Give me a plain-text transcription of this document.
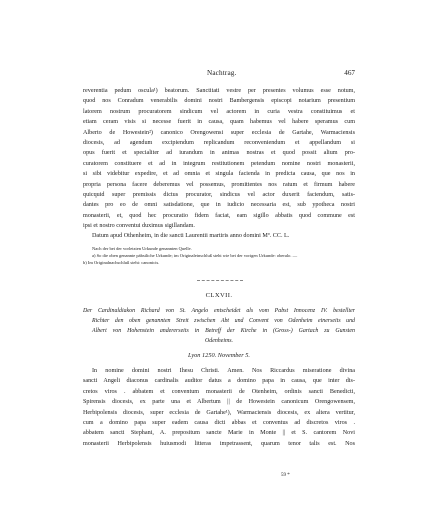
Nachtrag.	467
reverentia pedum oscula¹) beatorum. Sanctitati vestre per presentes volumus esse notum,
quod nos Conradum venerabilis domini nostri Bambergensis episcopi notarium presentium
latorem nostrum procuratorem sindicum vel actorem in curia vestra constituimus et
etiam ceram visis si necesse fuerit in causa, quam habemus vel habere speramus cum
Alberto de Howestein²) canonico Orengowensi super ecclesia de Gartahe, Warmaciensis
diocesis, ad agendum excipiendum replicandum reconveniendum et appellandum si
opus fuerit et specialiter ad iurandum in animas nostras et quod possit alium pro-
curatorem constituere et ad in integrum restitutionem petendum nomine nostri monasterii,
si sibi videbitur expedire, et ad omnia et singula facienda in predicta causa, que nos in
propria persona facere deberemus vel possemus, promittentes nos ratum et firmum habere
quicquid super premissis dictus procurator, sindicus vel actor duxerit faciendum, satis-
dantes pro eo de omni satisdatione, que in iudicio necessaria est, sub ypotheca nostri
monasterii, et, quod hec procuratio fidem faciat, eam sigillo abbatis quod commune est
ipsi et nostro conventui duximus sigillandam.
Datum apud Othenheim, in die sancti Laurentii martiris anno domini Mº. CC. L.
Nach der bei der vorletzten Urkunde genannten Quelle.
a) So die oben genannte päbstliche Urkunde; im Originaleinschluß steht wie bei der vorigen Urkunde: oberalo. —
b) Im Originalnachschluß steht: canonicis.
CLXVII.
Der Cardinaldiakon Richard von St. Angelo entscheidet als vom Pabst Innocenz IV. bestellter
Richter den oben genannten Streit zwischen Abt und Convent von Odenheim einerseits und
Albert von Hohenstein andererseits in Betreff der Kirche in (Gross-) Gartach zu Gunsten
Odenheims.
Lyon 1250. November 5.
In nomine domini nostri Ihesu Christi. Amen. Nos Riccardus miseratione divina
sancti Angeli diaconus cardinalis auditor datus a domino papa in causa, que inter dis-
cretos viros . abbatem et conventum monasterii de Otenheim, ordinis sancti Benedicti,
Spirensis diocesis, ex parte una et Albertum || de Howestein canonicum Orengowensem,
Herbipolensis diocesis, super ecclesia de Gartahe¹), Warmaciensis diocesis, ex altera vertitur,
cum a domino papa super eadem causa dicti abbas et conventus ad discretos viros .
abbatem sancti Stephani, A. prepositum sancte Marie in Monte || et S. cantorem Novi
monasterii Herbipolensis huiusmodi litteras impetrassent, quarum tenor talis est. Nos
59 *
